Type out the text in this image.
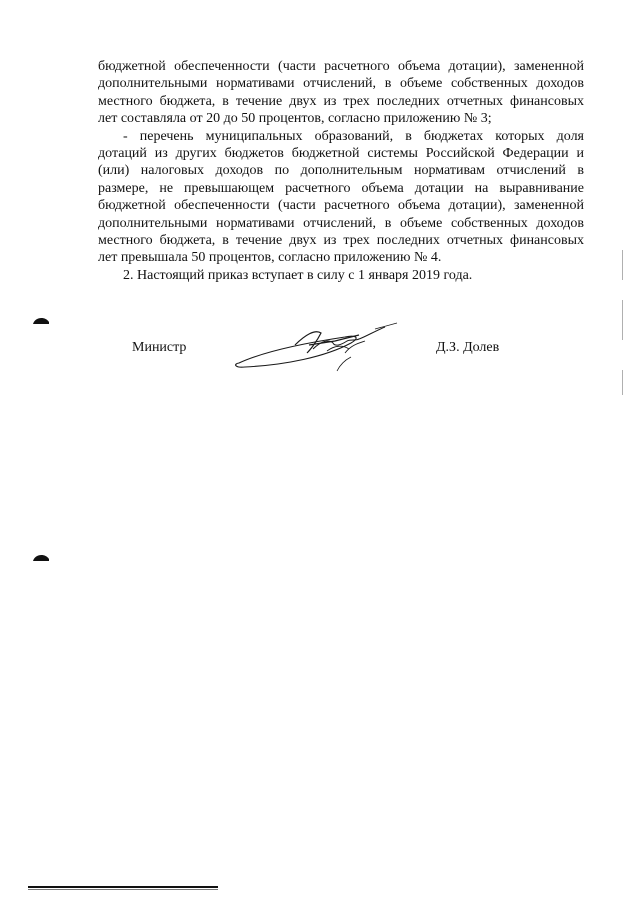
бюджетной обеспеченности (части расчетного объема дотации), замененной
дополнительными нормативами отчислений, в объеме собственных доходов
местного бюджета, в течение двух из трех последних отчетных финансовых
лет составляла от 20 до 50 процентов, согласно приложению № 3;
- перечень муниципальных образований, в бюджетах которых доля
дотаций из других бюджетов бюджетной системы Российской Федерации и
(или) налоговых доходов по дополнительным нормативам отчислений в
размере, не превышающем расчетного объема дотации на выравнивание
бюджетной обеспеченности (части расчетного объема дотации), замененной
дополнительными нормативами отчислений, в объеме собственных доходов
местного бюджета, в течение двух из трех последних отчетных финансовых
лет превышала 50 процентов, согласно приложению № 4.
2. Настоящий приказ вступает в силу с 1 января 2019 года.
Министр	Д.З. Долев
